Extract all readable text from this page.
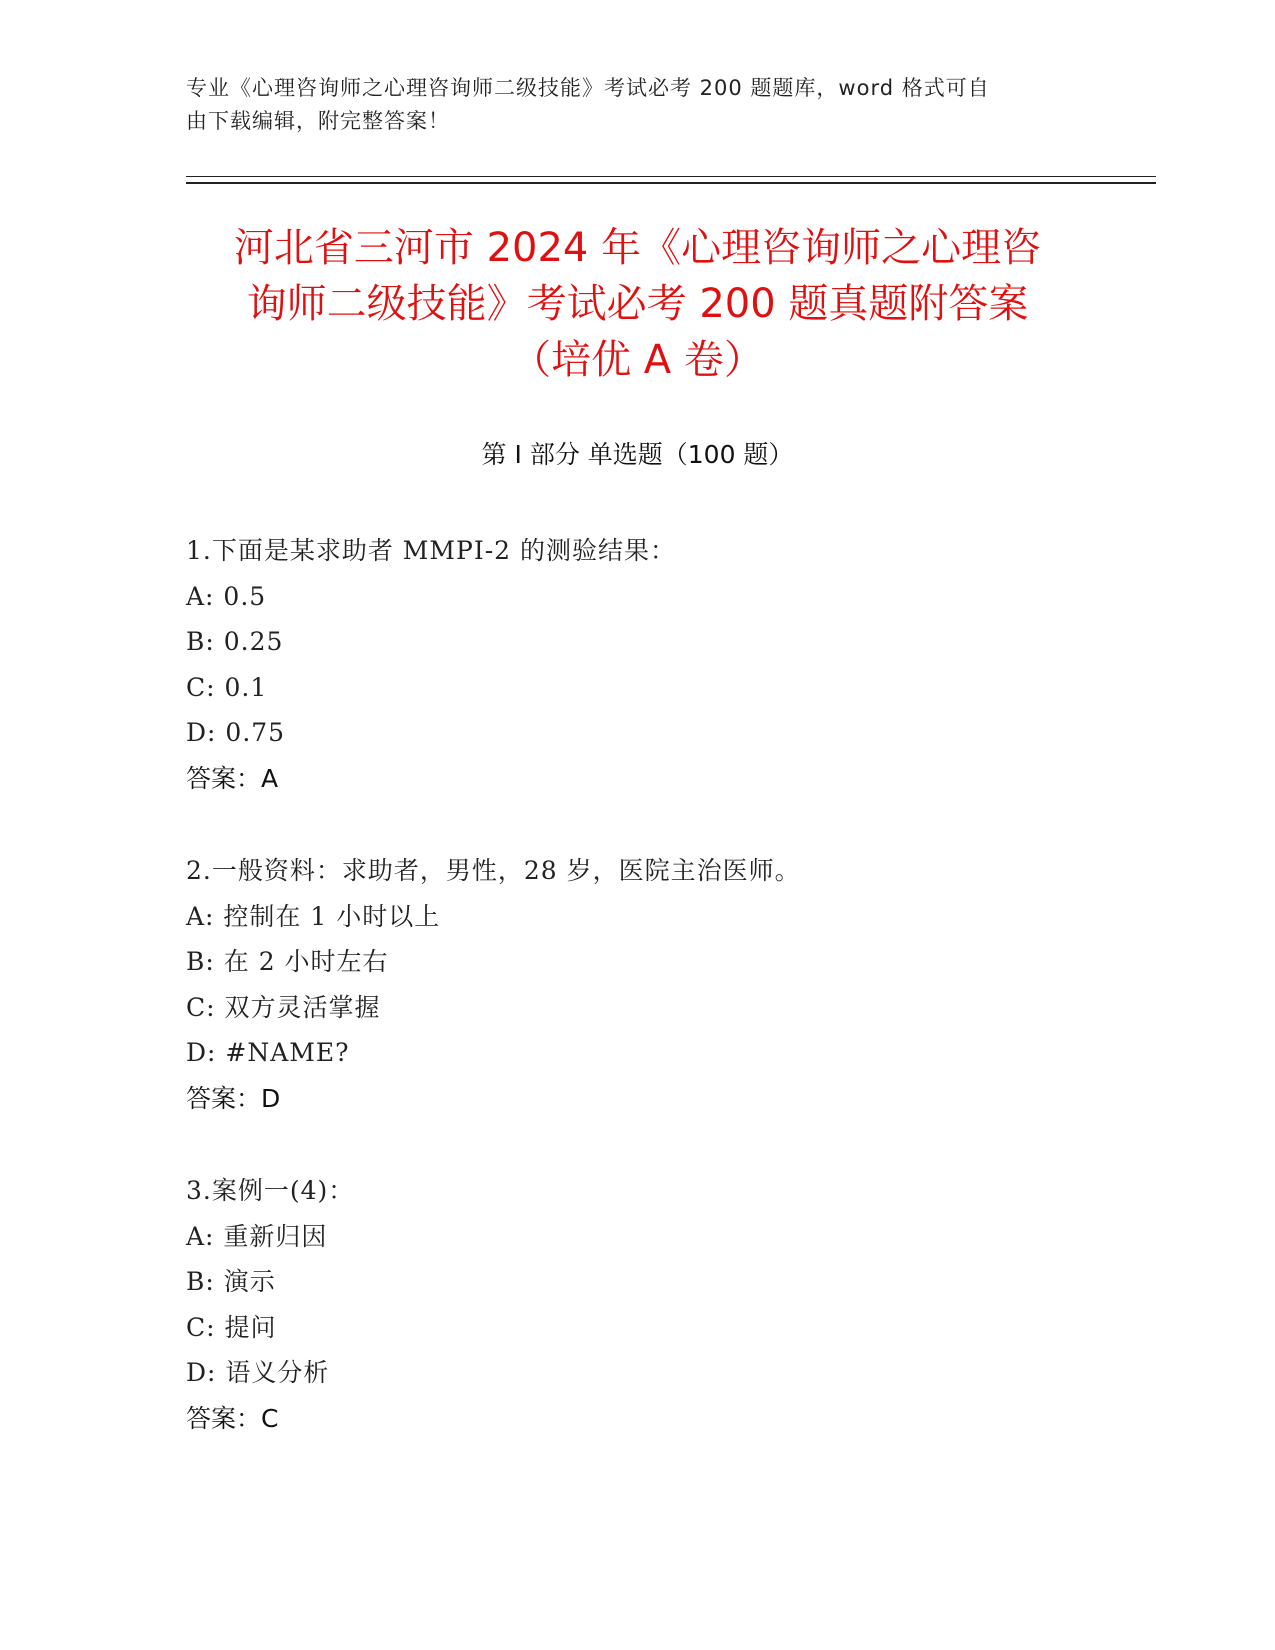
专业《心理咨询师之心理咨询师二级技能》考试必考 200 题题库，word 格式可自
由下载编辑，附完整答案！
河北省三河市 2024 年《心理咨询师之心理咨
询师二级技能》考试必考 200 题真题附答案
（培优 A 卷）
第 I 部分 单选题（100 题）
1.下面是某求助者 MMPI-2 的测验结果：
A: 0.5
B: 0.25
C: 0.1
D: 0.75
答案：A
2.一般资料：求助者，男性，28 岁，医院主治医师。
A: 控制在 1 小时以上
B: 在 2 小时左右
C: 双方灵活掌握
D: #NAME?
答案：D
3.案例一(4)：
A: 重新归因
B: 演示
C: 提问
D: 语义分析
答案：C
